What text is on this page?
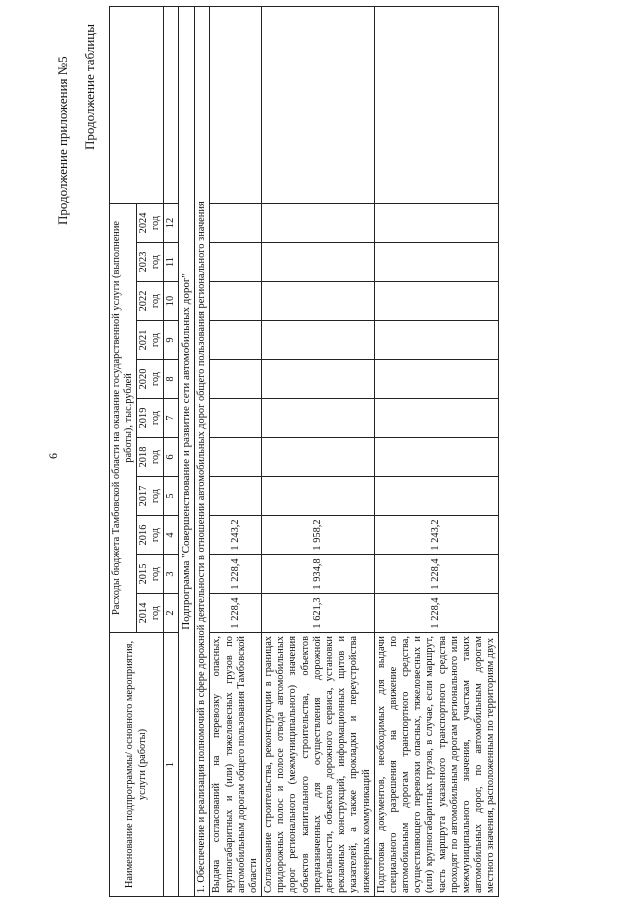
6
Продолжение приложения №5 Продолжение таблицы
Наименование подпрограммы/ основного мероприятия, услуги (работы)	Расходы бюджета Тамбовской области на оказание государственной услуги (выполнение работы), тыс.рублей											
	2014 год	2015 год	2016 год	2017 год	2018 год	2019 год	2020 год	2021 год	2022 год	2023 год	2024 год	
1	2	3	4	5	6	7	8	9	10	11	12	
Подпрограмма "Совершенствование и развитие сети автомобильных дорог"												
1. Обеспечение и реализация полномочий в сфере дорожной деятельности в отношении автомобильных дорог общего пользования регионального значения												
Выдача согласований на перевозку опасных, крупногабаритных и (или) тяжеловесных грузов по автомобильным дорогам общего пользования Тамбовской области	1 228,4	1 228,4	1 243,2									
Согласование строительства, реконструкции в границах придорожных полос и полосе отвода автомобильных дорог регионального (межмуниципального) значения объектов капитального строительства, объектов предназначенных для осуществления дорожной деятельности, объектов дорожного сервиса, установки рекламных конструкций, информационных щитов и указателей, а также прокладки и переустройства инженерных коммуникаций	1 621,3	1 934,8	1 958,2									
Подготовка документов, необходимых для выдачи специального разрешения на движение по автомобильным дорогам транспортного средства, осуществляющего перевозки опасных, тяжеловесных и (или) крупногабаритных грузов, в случае, если маршрут, часть маршрута указанного транспортного средства проходят по автомобильным дорогам регионального или межмуниципального значения, участкам таких автомобильных дорог, по автомобильным дорогам местного значения, расположенным по территориям двух	1 228,4	1 228,4	1 243,2									
